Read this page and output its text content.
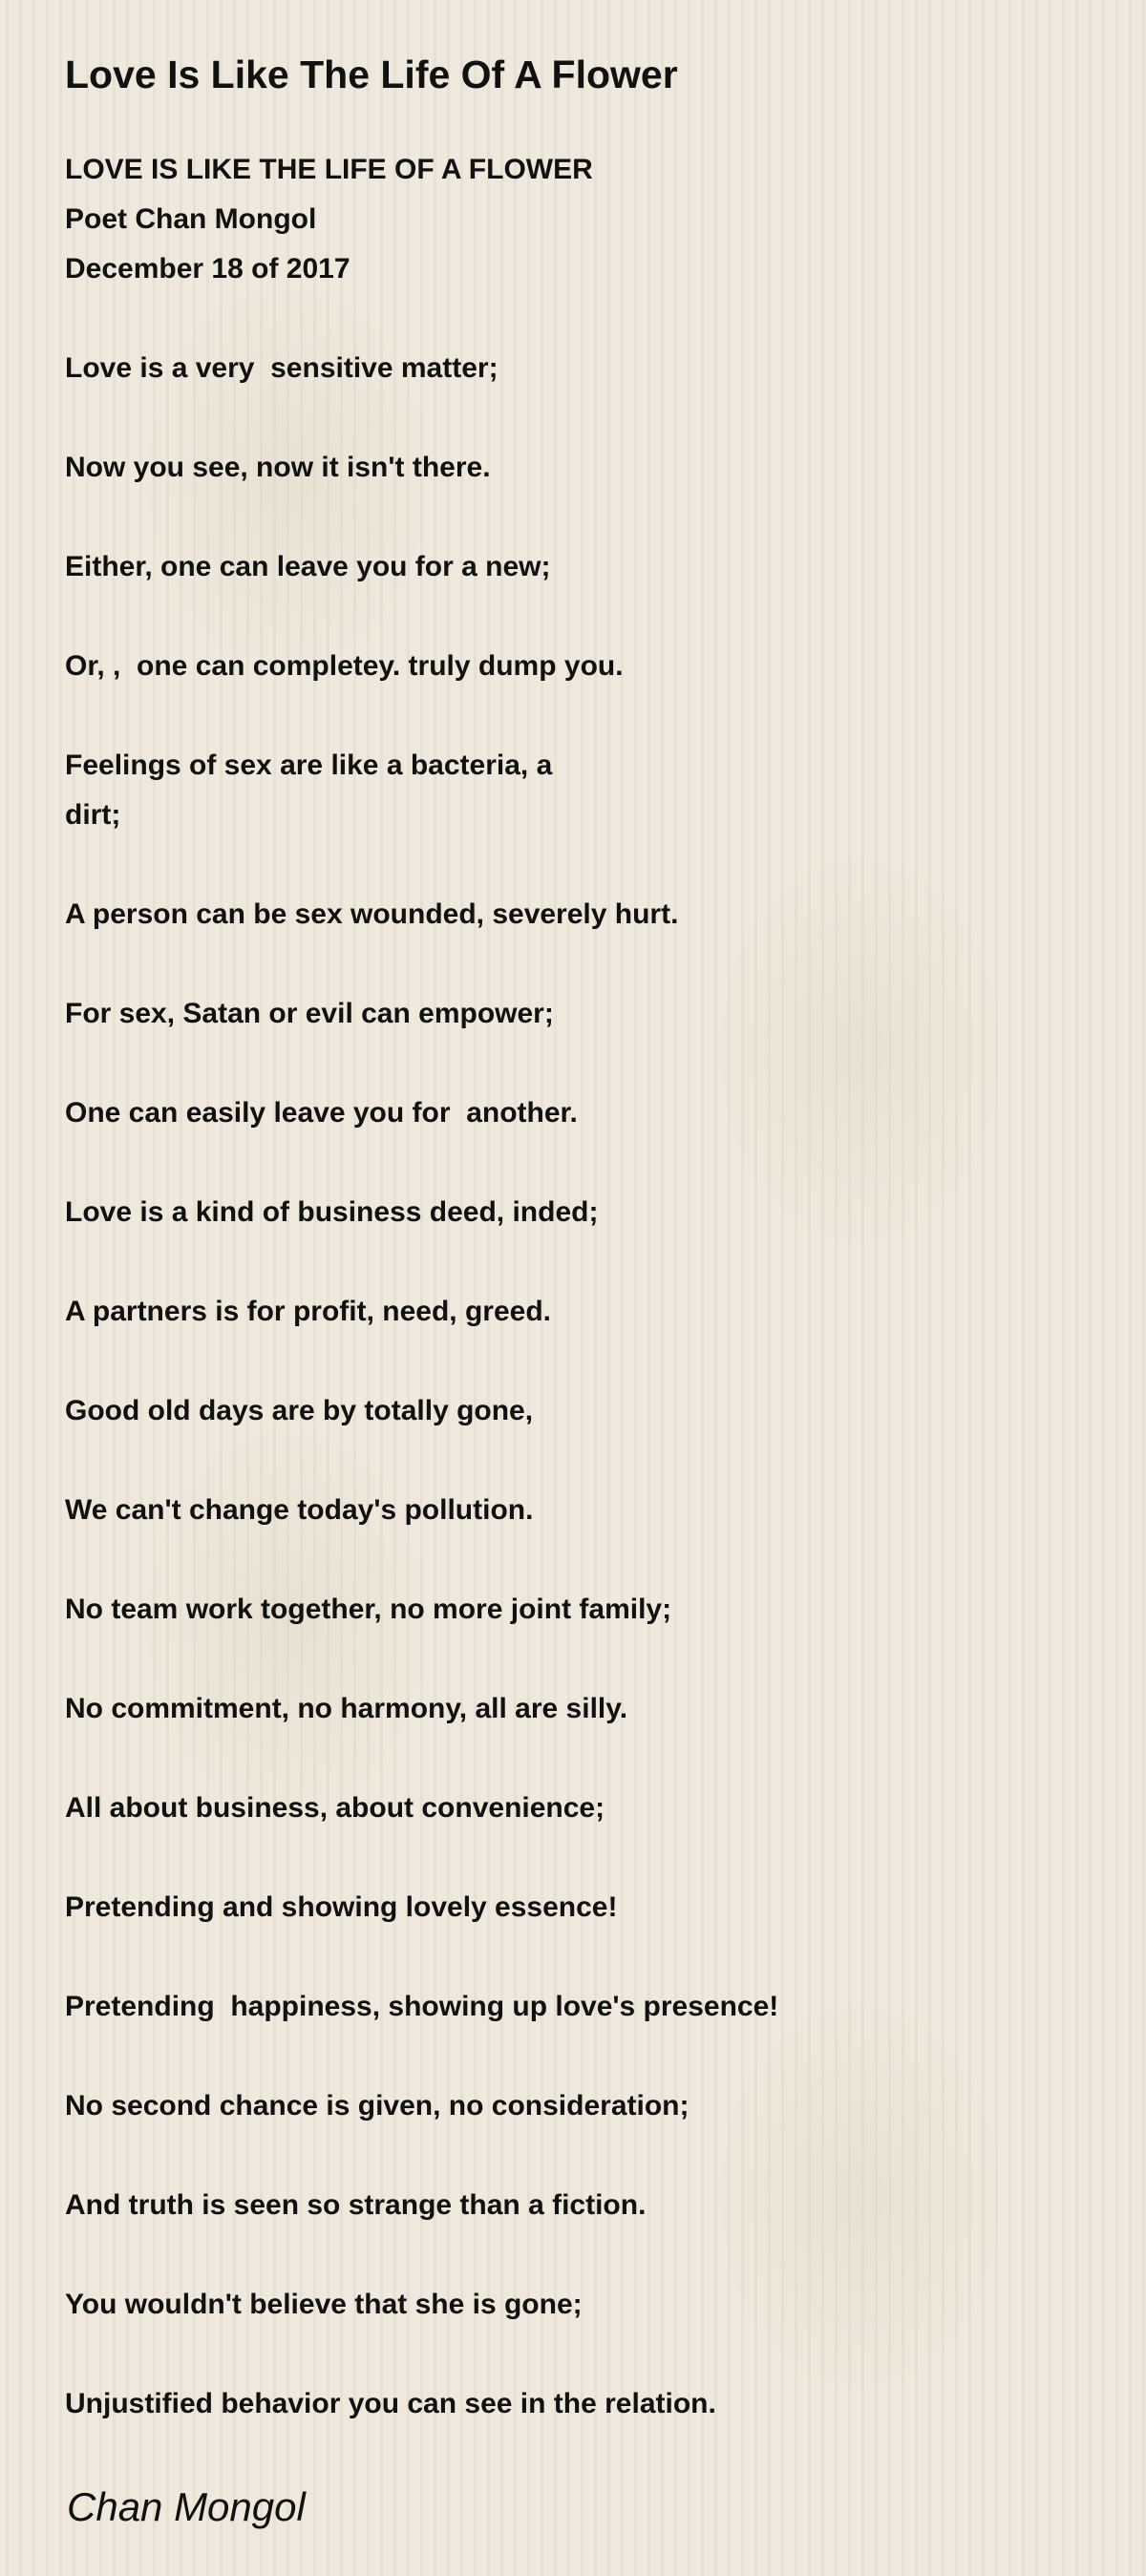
Love Is Like The Life Of A Flower
LOVE IS LIKE THE LIFE OF A FLOWER
Poet Chan Mongol
December 18 of 2017
Love is a very  sensitive matter;
Now you see, now it isn't there.
Either, one can leave you for a new;
Or, ,  one can completey. truly dump you.
Feelings of sex are like a bacteria, a
dirt;
A person can be sex wounded, severely hurt.
For sex, Satan or evil can empower;
One can easily leave you for  another.
Love is a kind of business deed, inded;
A partners is for profit, need, greed.
Good old days are by totally gone,
We can't change today's pollution.
No team work together, no more joint family;
No commitment, no harmony, all are silly.
All about business, about convenience;
Pretending and showing lovely essence!
Pretending  happiness, showing up love's presence!
No second chance is given, no consideration;
And truth is seen so strange than a fiction.
You wouldn't believe that she is gone;
Unjustified behavior you can see in the relation.
Chan Mongol
